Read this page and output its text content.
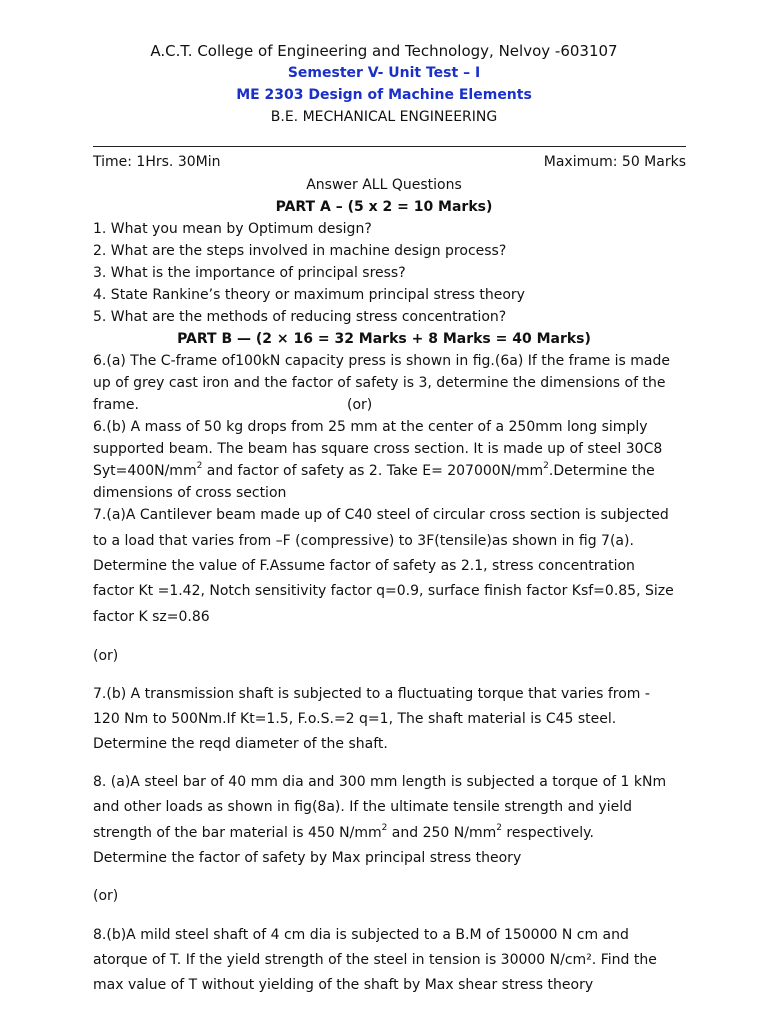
A.C.T. College of Engineering and Technology, Nelvoy -603107
Semester V- Unit Test – I
ME 2303 Design of Machine Elements
B.E. MECHANICAL ENGINEERING
Time: 1Hrs. 30Min	Maximum: 50 Marks
Answer ALL Questions
PART A – (5 x 2 = 10 Marks)
1. What you mean by Optimum design?
2. What are the steps involved in machine design process?
3. What is the importance of principal sress?
4. State Rankine’s theory or maximum principal stress theory
5. What are the methods of reducing stress concentration?
PART B — (2 × 16 = 32 Marks + 8 Marks = 40 Marks)
6.(a) The C-frame of100kN capacity press is shown in fig.(6a) If the frame is made
up of grey cast iron and the factor of safety is 3, determine the dimensions of the
frame.	(or)
6.(b) A mass of 50 kg drops from 25 mm at the center of a 250mm long simply
supported beam. The beam has square cross section. It is made up of steel 30C8
$Syt=400N/mm^2$ and factor of safety as 2. Take $E= 207000N/mm^2.Determine$ the
dimensions of cross section
7.(a)A Cantilever beam made up of C40 steel of circular cross section is subjected
to a load that varies from –F (compressive) to 3F(tensile)as shown in fig 7(a).
Determine the value of F.Assume factor of safety as 2.1, stress concentration
factor Kt =1.42, Notch sensitivity factor q=0.9, surface finish factor Ksf=0.85, Size
factor K sz=0.86
(or)
7.(b) A transmission shaft is subjected to a fluctuating torque that varies from -
120 Nm to 500Nm.If Kt=1.5, F.o.S.=2 q=1, The shaft material is C45 steel.
Determine the reqd diameter of the shaft.
8. (a)A steel bar of 40 mm dia and 300 mm length is subjected a torque of 1 kNm
and other loads as shown in fig(8a). If the ultimate tensile strength and yield
strength of the bar material is 450 $N/mm^2$ and 250 $N/mm^2$ respectively.
Determine the factor of safety by Max principal stress theory
(or)
8.(b)A mild steel shaft of 4 cm dia is subjected to a B.M of 150000 N cm and
atorque of T. If the yield strength of the steel in tension is 30000 N/cm². Find the
max value of T without yielding of the shaft by Max shear stress theory
